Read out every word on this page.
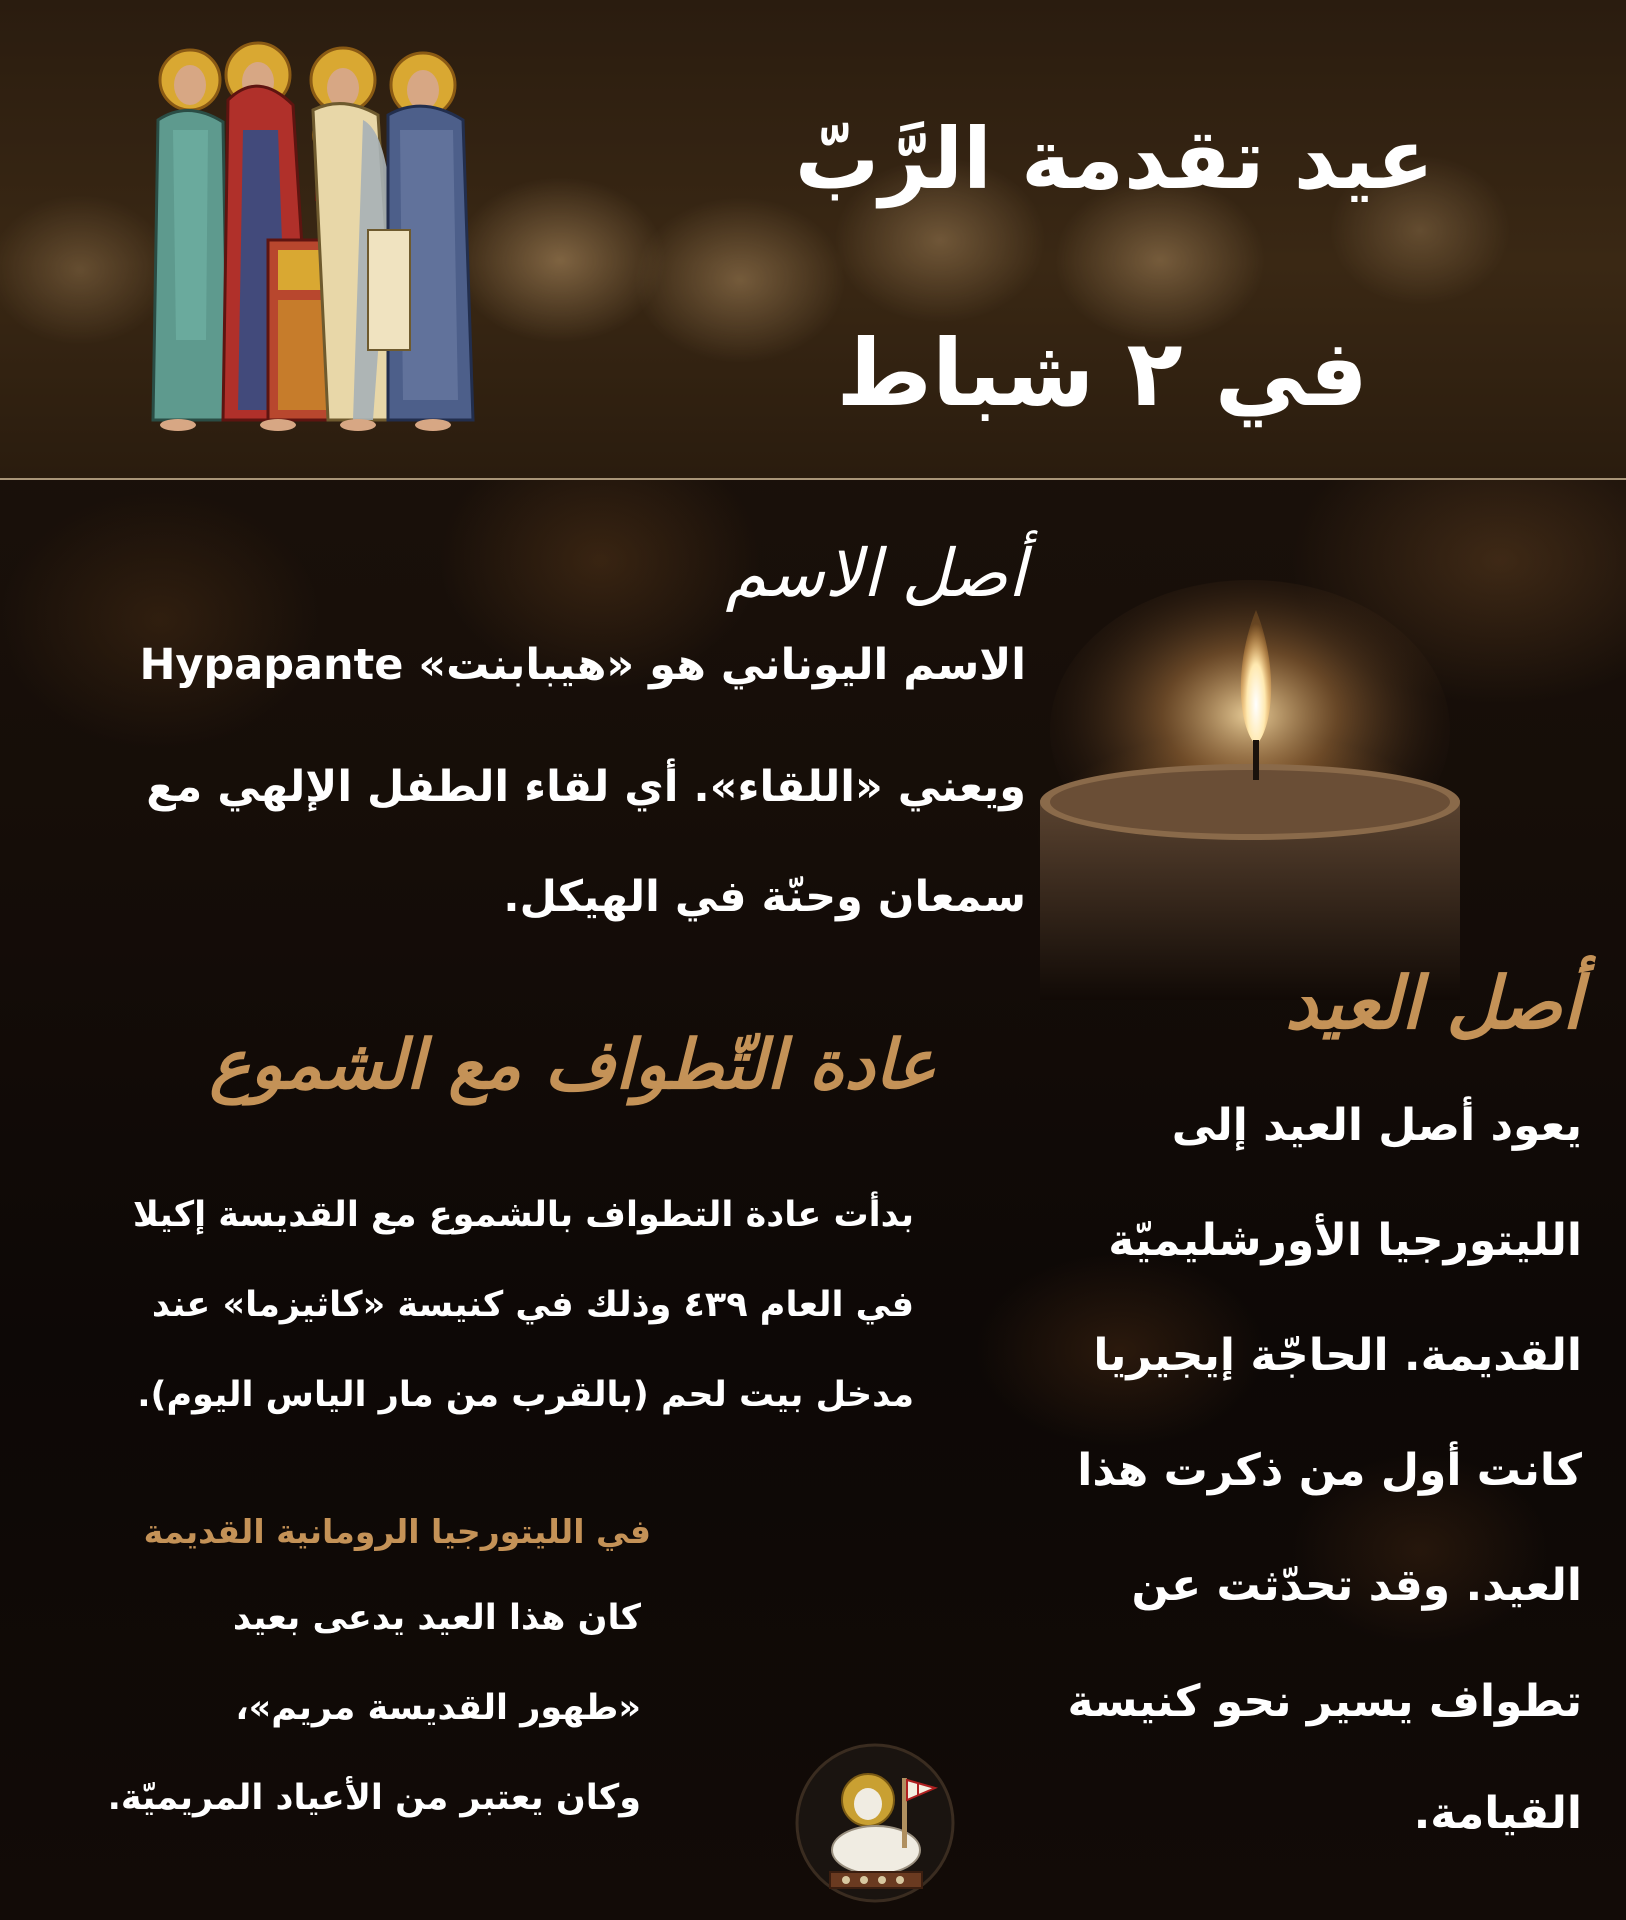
عيد تقدمة الرَّبّ

في ٢ شباط

أصل الاسم

الاسم اليوناني هو «هيبابنت» Hypapante

ويعني «اللقاء». أي لقاء الطفل الإلهي مع

سمعان وحنّة في الهيكل.

أصل العيد

يعود أصل العيد إلى

الليتورجيا الأورشليميّة

القديمة. الحاجّة إيجيريا

كانت أول من ذكرت هذا

العيد. وقد تحدّثت عن

تطواف يسير نحو كنيسة

القيامة.

عادة التّطواف مع الشموع

بدأت عادة التطواف بالشموع مع القديسة إكيلا

في العام ٤٣٩ وذلك في كنيسة «كاثيزما» عند

مدخل بيت لحم (بالقرب من مار الياس اليوم).

في الليتورجيا الرومانية القديمة

كان هذا العيد يدعى بعيد

«طهور القديسة مريم»،

وكان يعتبر من الأعياد المريميّة.
